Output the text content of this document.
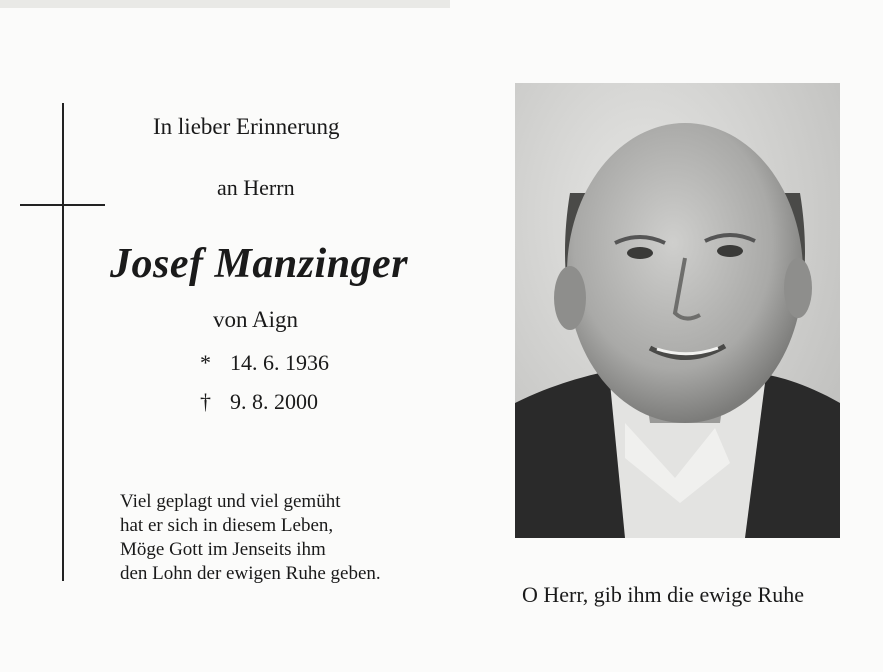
In lieber Erinnerung
an Herrn
Josef Manzinger
von Aign
* 14. 6. 1936
† 9. 8. 2000
Viel geplagt und viel gemüht
hat er sich in diesem Leben,
Möge Gott im Jenseits ihm
den Lohn der ewigen Ruhe geben.
O Herr, gib ihm die ewige Ruhe
